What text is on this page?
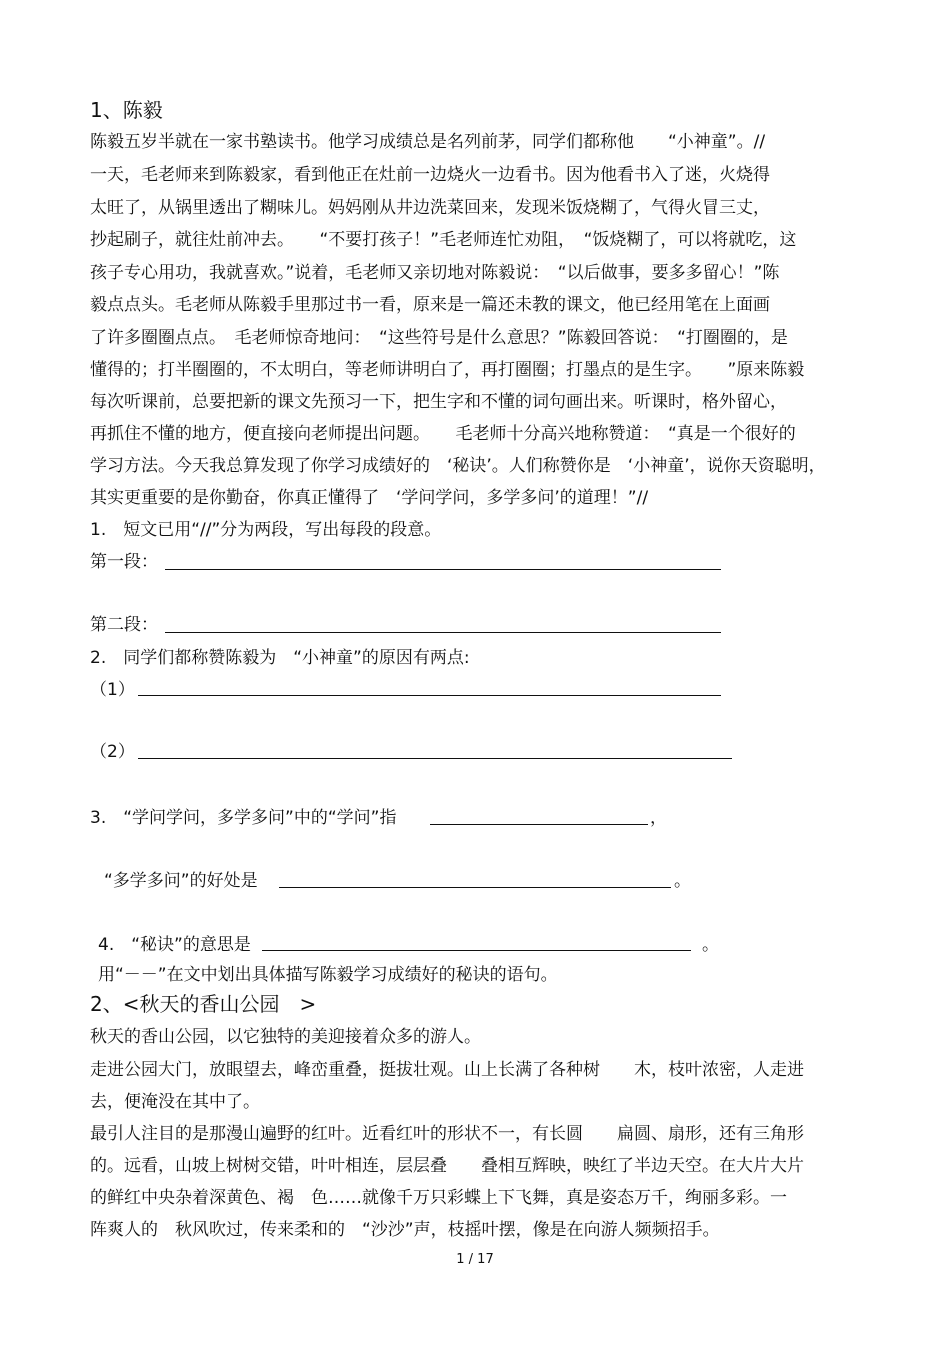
1、陈毅
陈毅五岁半就在一家书塾读书。他学习成绩总是名列前茅，同学们都称他　　“小神童”。//
一天，毛老师来到陈毅家，看到他正在灶前一边烧火一边看书。因为他看书入了迷，火烧得
太旺了，从锅里透出了糊味儿。妈妈刚从井边洗菜回来，发现米饭烧糊了，气得火冒三丈，
抄起刷子，就往灶前冲去。　　“不要打孩子！”毛老师连忙劝阻，　“饭烧糊了，可以将就吃，这
孩子专心用功，我就喜欢。”说着，毛老师又亲切地对陈毅说：　“以后做事，要多多留心！”陈
毅点点头。毛老师从陈毅手里那过书一看，原来是一篇还未教的课文，他已经用笔在上面画
了许多圈圈点点。　毛老师惊奇地问：　“这些符号是什么意思？”陈毅回答说：　“打圈圈的，是
懂得的；打半圈圈的，不太明白，等老师讲明白了，再打圈圈；打墨点的是生字。　　”原来陈毅
每次听课前，总要把新的课文先预习一下，把生字和不懂的词句画出来。听课时，格外留心，
再抓住不懂的地方，便直接向老师提出问题。　　毛老师十分高兴地称赞道：　“真是一个很好的
学习方法。今天我总算发现了你学习成绩好的　‘秘诀’。人们称赞你是　‘小神童’，说你天资聪明，
其实更重要的是你勤奋，你真正懂得了　‘学问学问，多学多问’的道理！”//
1.　短文已用“//”分为两段，写出每段的段意。
第一段：
第二段：
2.　同学们都称赞陈毅为　“小神童”的原因有两点:
（1）
（2）
3.　“学问学问，多学多问”中的“学问”指	，
“多学多问”的好处是	。
4.　“秘诀”的意思是	。
用“－－”在文中划出具体描写陈毅学习成绩好的秘诀的语句。
2、<秋天的香山公园　>
秋天的香山公园，以它独特的美迎接着众多的游人。
走进公园大门，放眼望去，峰峦重叠，挺拔壮观。山上长满了各种树　　木，枝叶浓密，人走进
去，便淹没在其中了。
最引人注目的是那漫山遍野的红叶。近看红叶的形状不一，有长圆　　扁圆、扇形，还有三角形
的。远看，山坡上树树交错，叶叶相连，层层叠　　叠相互辉映，映红了半边天空。在大片大片
的鲜红中央杂着深黄色、褐　色……就像千万只彩蝶上下飞舞，真是姿态万千，绚丽多彩。一
阵爽人的　秋风吹过，传来柔和的　“沙沙”声，枝摇叶摆，像是在向游人频频招手。
1 / 17
